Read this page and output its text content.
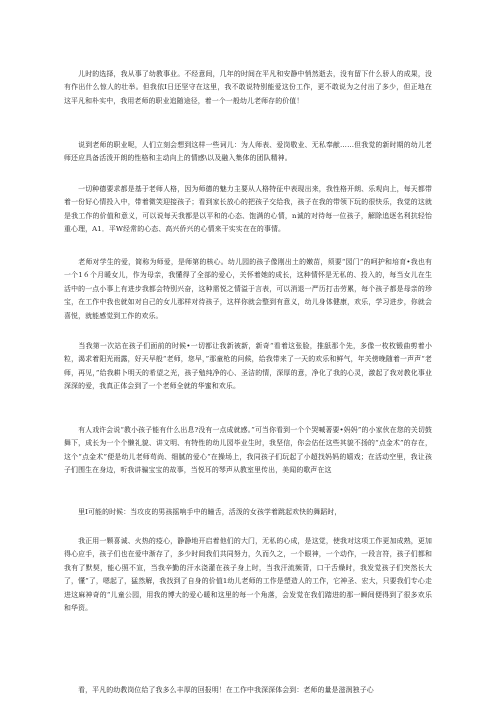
　　儿时的选择，我从事了幼教事业。不经意间，几年的时间在平凡和安静中悄然逝去，没有留下什么骄人的成果，没有作出什么惊人的壮举。但我依I日还坚守在这里，我不敢说特别能爱这份工作，更不敢说为之付出了多少，但正地在这平凡和朴实中，我用老师的职业追随途径，着一个一般幼儿老师存的价值！
　　说到老师的职业呢，人们立刻会想到这样一些词儿：为人师表、爱岗敬业、无私奉献……但我觉的新时期的幼儿老师还应具备活泼开朗的性格和主动向上的情感\以及融入集体的团队精神。
　　一切种德要求都是基于老师人格，因为师德的魅力主要从人格特征中表现出来，我性格开朗、乐观向上，每天都带着一份好心情投入中，带着微笑迎接孩子；看到家长放心的把孩子交给我，孩子在我的带领下玩的很快乐，我觉的这就是我工作的价值和意义，可以说每天我都是以平和的心态、饱满的心情，n诚的对待每一位孩子，解除追逐名利抗轻怡重心理，A1．平W经常的心态、高兴侨兴的心情来干实实在在的事情。
　　老师对学生的爱，简称为师爱，是师第的核心。幼儿园的孩子像刚出土的嫩苗，须要“园门”的呵护和培育•我也有一个1６个月暖女儿，作为母亲，我懂得了全部的爱心，关怀着她的成长，这种情怀是无私的、投入的，每当女儿在生活中的一点小事上有进步我都会特别兴奋，这种需悦之情溢于言表，可以消退一严历打击劳累，每个孩子都是母亲的珍宝，在工作中我也就如对自己的女儿那样对待孩子，这样你就会整到有意义，幼儿身体健康，欢乐，学习进步，你就会喜悦，就能感觉到工作的欢乐。
　　当我第一次站在孩子们面前的时候•一切都让我新被新，新奇“看着这张脸，推舐那个先，多像一枚枚锻曲剪着小粒，渴求着阳光雨露，好天早般“老师，您早，”那童枪的问候，给我带来了一天的欢乐和鲜气，年关傍晚随着一声声“老师，再见，”给我耕卜明天的希望之光，孩子勉纯净的心、圣洁的情，深厚的意，净化了我的心灵，激起了我对教化事业深深的爱，我真正体会到了一个老师全就的华蜜和欢乐。
　　有人戏许会说“教小孩子能有什么出息?没有一点成就感。”可当你看到一个个哭喊著要•妈妈”的小家伙在您的关切鼓舞下，成长为一个个懒礼貌、讲文明、有特性的幼儿园毕业生时，我坚信，你会估任这些其貌不扬的“点金术”的存在，这个“点金术”便是幼儿老师苟尚、细腻的爱心“在操场上，我同孩子们玩起了小超找妈妈的嬉戏；在活动空里，我让孩子们围生在身边，听我讲骗宝宝的故事，当悦耳的琴声从教室里传出，美闻的歌声在这
　　里I可能的时候：当攻皮的男孩摇响手中的瞳舌，活泼的女孩学着跳起欢快的舞蹈时，
　　我正用一颗喜诚、火热的疫心，静静地开启着他们的大门，无私的心成，是这觉，使我对这项工作更加成熟，更加得心应手，孩子们也在爱中渐存了，多少时间我们共同努力，久而久之，一个眼神，一个动作，一段言符，孩子们都和我有了默契，能心照不宣，当我辛勤的汗水浇灌在孩子身上时，当我汗流频背，口干舌燥时，我发觉孩子们突然长大了，懂“了，嗯起了，猛然解，我找到了自身的价值1幼儿老师的工作是塑造人的工作，它神圣、宏大，只要我们专心走进这麻神奇的“儿童公园，用我的博大的爱心暖和这里的每一个角落，会发觉在我们踏进的那一瞬间便得到了很多欢乐和华资。
　　看，平凡的幼教岗位给了我多么丰厚的回报明！在工作中我深深体会到：老师的量是滋润独子心
